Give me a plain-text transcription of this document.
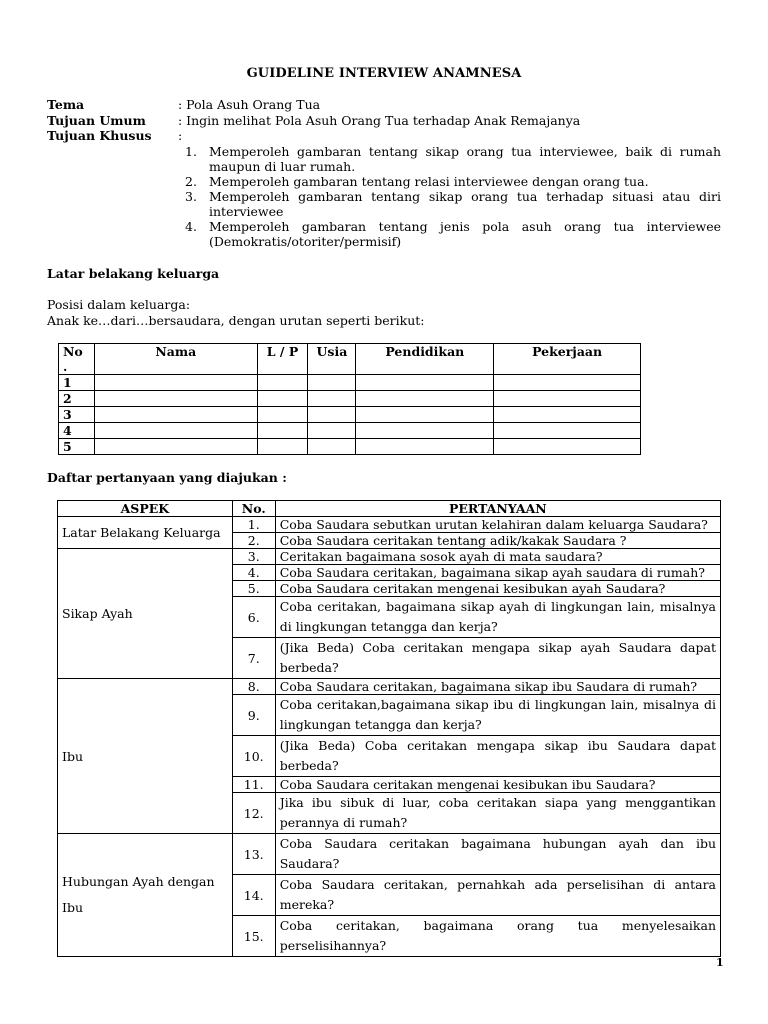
GUIDELINE INTERVIEW ANAMNESA
Tema	: Pola Asuh Orang Tua
Tujuan Umum	: Ingin melihat Pola Asuh Orang Tua terhadap Anak Remajanya
Tujuan Khusus :
1. Memperoleh gambaran tentang sikap orang tua interviewee, baik di rumah maupun di luar rumah.
2. Memperoleh gambaran tentang relasi interviewee dengan orang tua.
3. Memperoleh gambaran tentang sikap orang tua terhadap situasi atau diri interviewee
4. Memperoleh gambaran tentang jenis pola asuh orang tua interviewee (Demokratis/otoriter/permisif)
Latar belakang keluarga
Posisi dalam keluarga:
Anak ke…dari…bersaudara, dengan urutan seperti berikut:
No .	Nama	L / P	Usia	Pendidikan	Pekerjaan
1					
2					
3					
4					
5					
Daftar pertanyaan yang diajukan :
ASPEK	No.	PERTANYAAN
Latar Belakang Keluarga	1.	Coba Saudara sebutkan urutan kelahiran dalam keluarga Saudara?
	2.	Coba Saudara ceritakan tentang adik/kakak Saudara ?
Sikap Ayah	3.	Ceritakan bagaimana sosok ayah di mata saudara?
	4.	Coba Saudara ceritakan, bagaimana sikap ayah saudara di rumah?
	5.	Coba Saudara ceritakan mengenai kesibukan ayah Saudara?
	6.	Coba ceritakan, bagaimana sikap ayah di lingkungan lain, misalnya di lingkungan tetangga dan kerja?
	7.	(Jika Beda) Coba ceritakan mengapa sikap ayah Saudara dapat berbeda?
Ibu	8.	Coba Saudara ceritakan, bagaimana sikap ibu Saudara di rumah?
	9.	Coba ceritakan,bagaimana sikap ibu di lingkungan lain, misalnya di lingkungan tetangga dan kerja?
	10.	(Jika Beda) Coba ceritakan mengapa sikap ibu Saudara dapat berbeda?
	11.	Coba Saudara ceritakan mengenai kesibukan ibu Saudara?
	12.	Jika ibu sibuk di luar, coba ceritakan siapa yang menggantikan perannya di rumah?
Hubungan Ayah dengan Ibu	13.	Coba Saudara ceritakan bagaimana hubungan ayah dan ibu Saudara?
	14.	Coba Saudara ceritakan, pernahkah ada perselisihan di antara mereka?
	15.	Coba ceritakan, bagaimana orang tua menyelesaikan perselisihannya?
1
